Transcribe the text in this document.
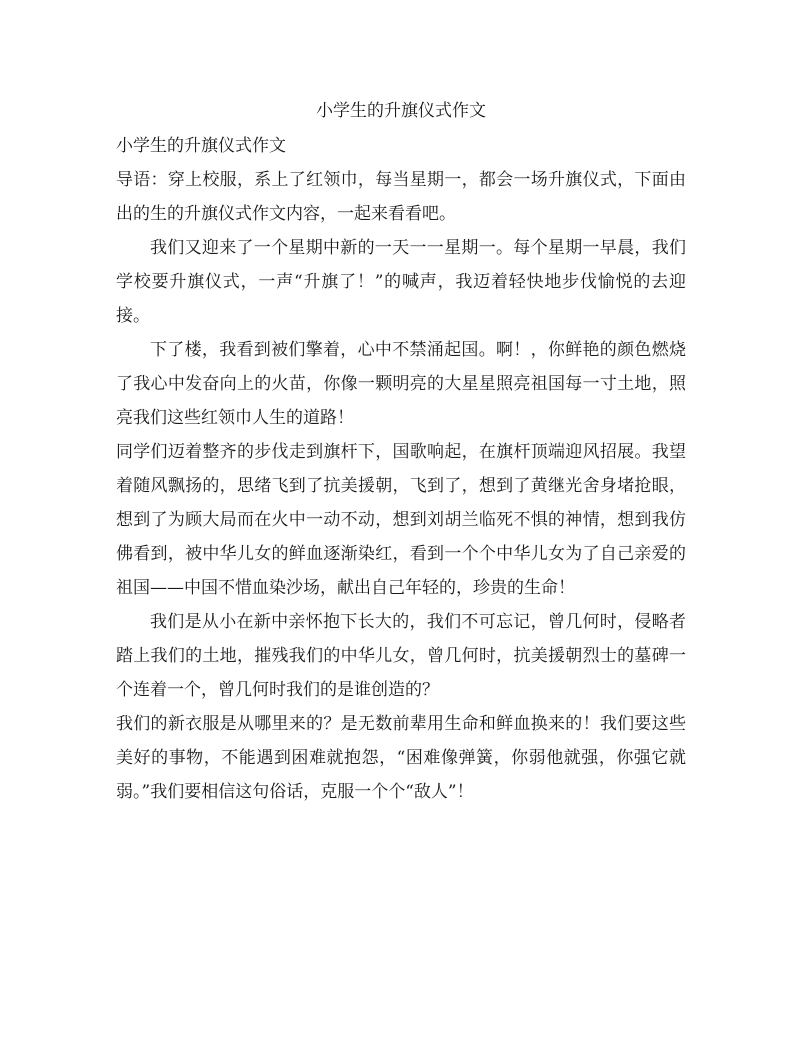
小学生的升旗仪式作文

小学生的升旗仪式作文

导语：穿上校服，系上了红领巾，每当星期一，都会一场升旗仪式，下面由出的生的升旗仪式作文内容，一起来看看吧。

我们又迎来了一个星期中新的一天一一星期一。每个星期一早晨，我们学校要升旗仪式，一声“升旗了！”的喊声，我迈着轻快地步伐愉悦的去迎接。

下了楼，我看到被们擎着，心中不禁涌起国。啊！，你鲜艳的颜色燃烧了我心中发奋向上的火苗，你像一颗明亮的大星星照亮祖国每一寸土地，照亮我们这些红领巾人生的道路！

同学们迈着整齐的步伐走到旗杆下，国歌响起，在旗杆顶端迎风招展。我望着随风飘扬的，思绪飞到了抗美援朝，飞到了，想到了黄继光舍身堵抢眼，想到了为顾大局而在火中一动不动，想到刘胡兰临死不惧的神情，想到我仿佛看到，被中华儿女的鲜血逐渐染红，看到一个个中华儿女为了自己亲爱的祖国——中国不惜血染沙场，献出自己年轻的，珍贵的生命！

我们是从小在新中亲怀抱下长大的，我们不可忘记，曾几何时，侵略者踏上我们的土地，摧残我们的中华儿女，曾几何时，抗美援朝烈士的墓碑一个连着一个，曾几何时我们的是谁创造的？

我们的新衣服是从哪里来的？是无数前辈用生命和鲜血换来的！我们要这些美好的事物，不能遇到困难就抱怨，“困难像弹簧，你弱他就强，你强它就弱。”我们要相信这句俗话，克服一个个“敌人”！
